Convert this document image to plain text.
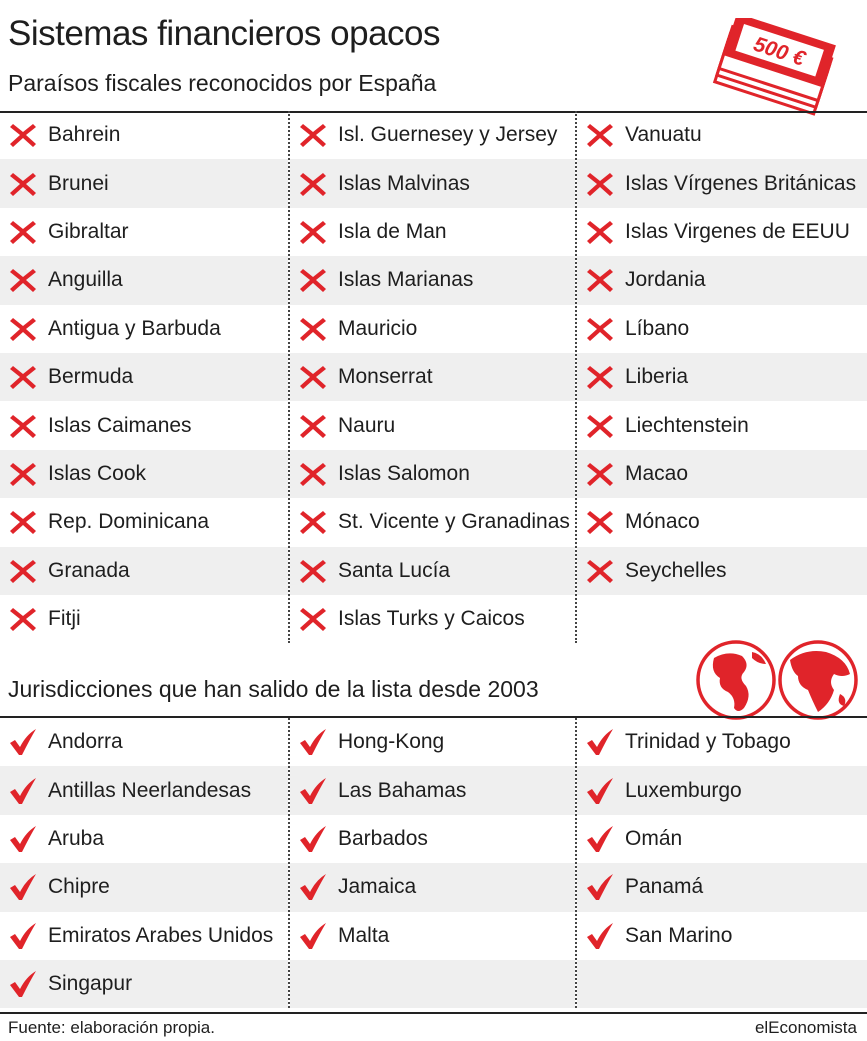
Sistemas financieros opacos
Paraísos fiscales reconocidos por España
500 €
Bahrein
Brunei
Gibraltar
Anguilla
Antigua y Barbuda
Bermuda
Islas Caimanes
Islas Cook
Rep. Dominicana
Granada
Fitji
Isl. Guernesey y Jersey
Islas Malvinas
Isla de Man
Islas Marianas
Mauricio
Monserrat
Nauru
Islas Salomon
St. Vicente y Granadinas
Santa Lucía
Islas Turks y Caicos
Vanuatu
Islas Vírgenes Británicas
Islas Virgenes de EEUU
Jordania
Líbano
Liberia
Liechtenstein
Macao
Mónaco
Seychelles
Jurisdicciones que han salido de la lista desde 2003
Andorra
Antillas Neerlandesas
Aruba
Chipre
Emiratos Arabes Unidos
Singapur
Hong-Kong
Las Bahamas
Barbados
Jamaica
Malta
Trinidad y Tobago
Luxemburgo
Omán
Panamá
San Marino
Fuente: elaboración propia.	elEconomista
